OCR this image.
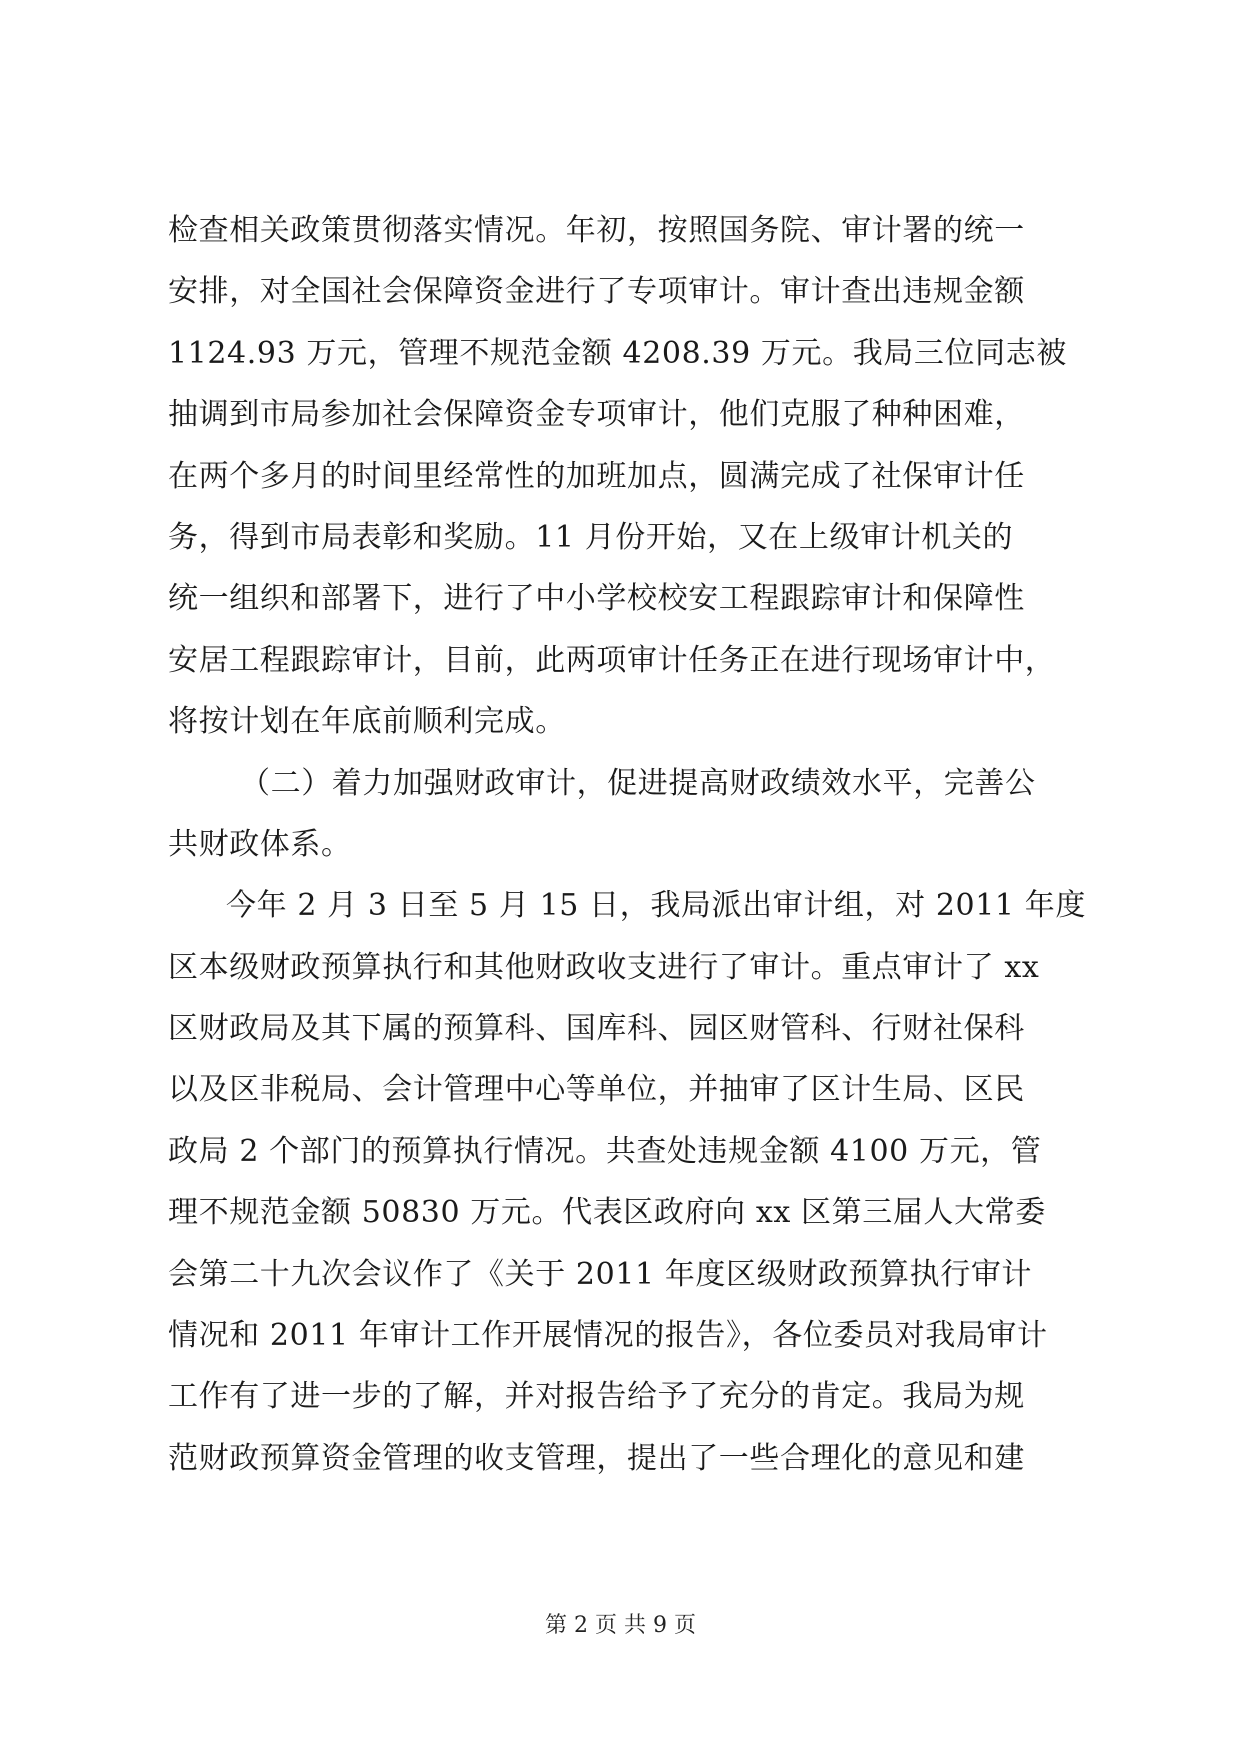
检查相关政策贯彻落实情况。年初，按照国务院、审计署的统一
安排，对全国社会保障资金进行了专项审计。审计查出违规金额
1124.93 万元，管理不规范金额 4208.39 万元。我局三位同志被
抽调到市局参加社会保障资金专项审计，他们克服了种种困难，
在两个多月的时间里经常性的加班加点，圆满完成了社保审计任
务，得到市局表彰和奖励。11 月份开始，又在上级审计机关的
统一组织和部署下，进行了中小学校校安工程跟踪审计和保障性
安居工程跟踪审计，目前，此两项审计任务正在进行现场审计中，
将按计划在年底前顺利完成。
（二）着力加强财政审计，促进提高财政绩效水平，完善公
共财政体系。
今年 2 月 3 日至 5 月 15 日，我局派出审计组，对 2011 年度
区本级财政预算执行和其他财政收支进行了审计。重点审计了 xx
区财政局及其下属的预算科、国库科、园区财管科、行财社保科
以及区非税局、会计管理中心等单位，并抽审了区计生局、区民
政局 2 个部门的预算执行情况。共查处违规金额 4100 万元，管
理不规范金额 50830 万元。代表区政府向 xx 区第三届人大常委
会第二十九次会议作了《关于 2011 年度区级财政预算执行审计
情况和 2011 年审计工作开展情况的报告》，各位委员对我局审计
工作有了进一步的了解，并对报告给予了充分的肯定。我局为规
范财政预算资金管理的收支管理，提出了一些合理化的意见和建
第 2 页 共 9 页
